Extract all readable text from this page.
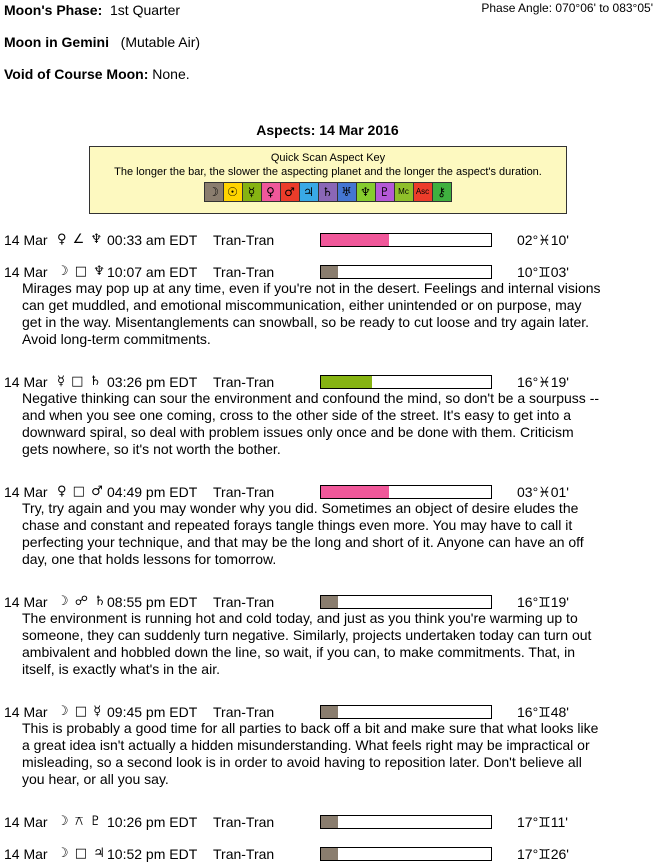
Moon's Phase: 1st Quarter	Phase Angle: 070°06' to 083°05'
Moon in Gemini (Mutable Air)
Void of Course Moon: None.
Aspects: 14 Mar 2016
Quick Scan Aspect Key
The longer the bar, the slower the aspecting planet and the longer the aspect's duration.
☽ ☉ ☿ ♀ ♂ ♃ ♄ ♅ ♆ ♇	Mc Asc ⚷
14 Mar ♀ ∠ ♆ 00:33 am EDT Tran-Tran	02°♓10'
14 Mar ☽ □ ♆ 10:07 am EDT Tran-Tran	10°♊03'
Mirages may pop up at any time, even if you're not in the desert. Feelings and internal visions
can get muddled, and emotional miscommunication, either unintended or on purpose, may
get in the way. Misentanglements can snowball, so be ready to cut loose and try again later.
Avoid long-term commitments.
14 Mar ☿ □ ♄ 03:26 pm EDT Tran-Tran	16°♓19'
Negative thinking can sour the environment and confound the mind, so don't be a sourpuss --
and when you see one coming, cross to the other side of the street. It's easy to get into a
downward spiral, so deal with problem issues only once and be done with them. Criticism
gets nowhere, so it's not worth the bother.
14 Mar ♀ □ ♂ 04:49 pm EDT Tran-Tran	03°♓01'
Try, try again and you may wonder why you did. Sometimes an object of desire eludes the
chase and constant and repeated forays tangle things even more. You may have to call it
perfecting your technique, and that may be the long and short of it. Anyone can have an off
day, one that holds lessons for tomorrow.
14 Mar ☽ ☍ ♄ 08:55 pm EDT Tran-Tran	16°♊19'
The environment is running hot and cold today, and just as you think you're warming up to
someone, they can suddenly turn negative. Similarly, projects undertaken today can turn out
ambivalent and hobbled down the line, so wait, if you can, to make commitments. That, in
itself, is exactly what's in the air.
14 Mar ☽ □ ☿ 09:45 pm EDT Tran-Tran	16°♊48'
This is probably a good time for all parties to back off a bit and make sure that what looks like
a great idea isn't actually a hidden misunderstanding. What feels right may be impractical or
misleading, so a second look is in order to avoid having to reposition later. Don't believe all
you hear, or all you say.
14 Mar ☽ ⚻ ♇ 10:26 pm EDT Tran-Tran	17°♊11'
14 Mar ☽ □ ♃ 10:52 pm EDT Tran-Tran	17°♊26'
